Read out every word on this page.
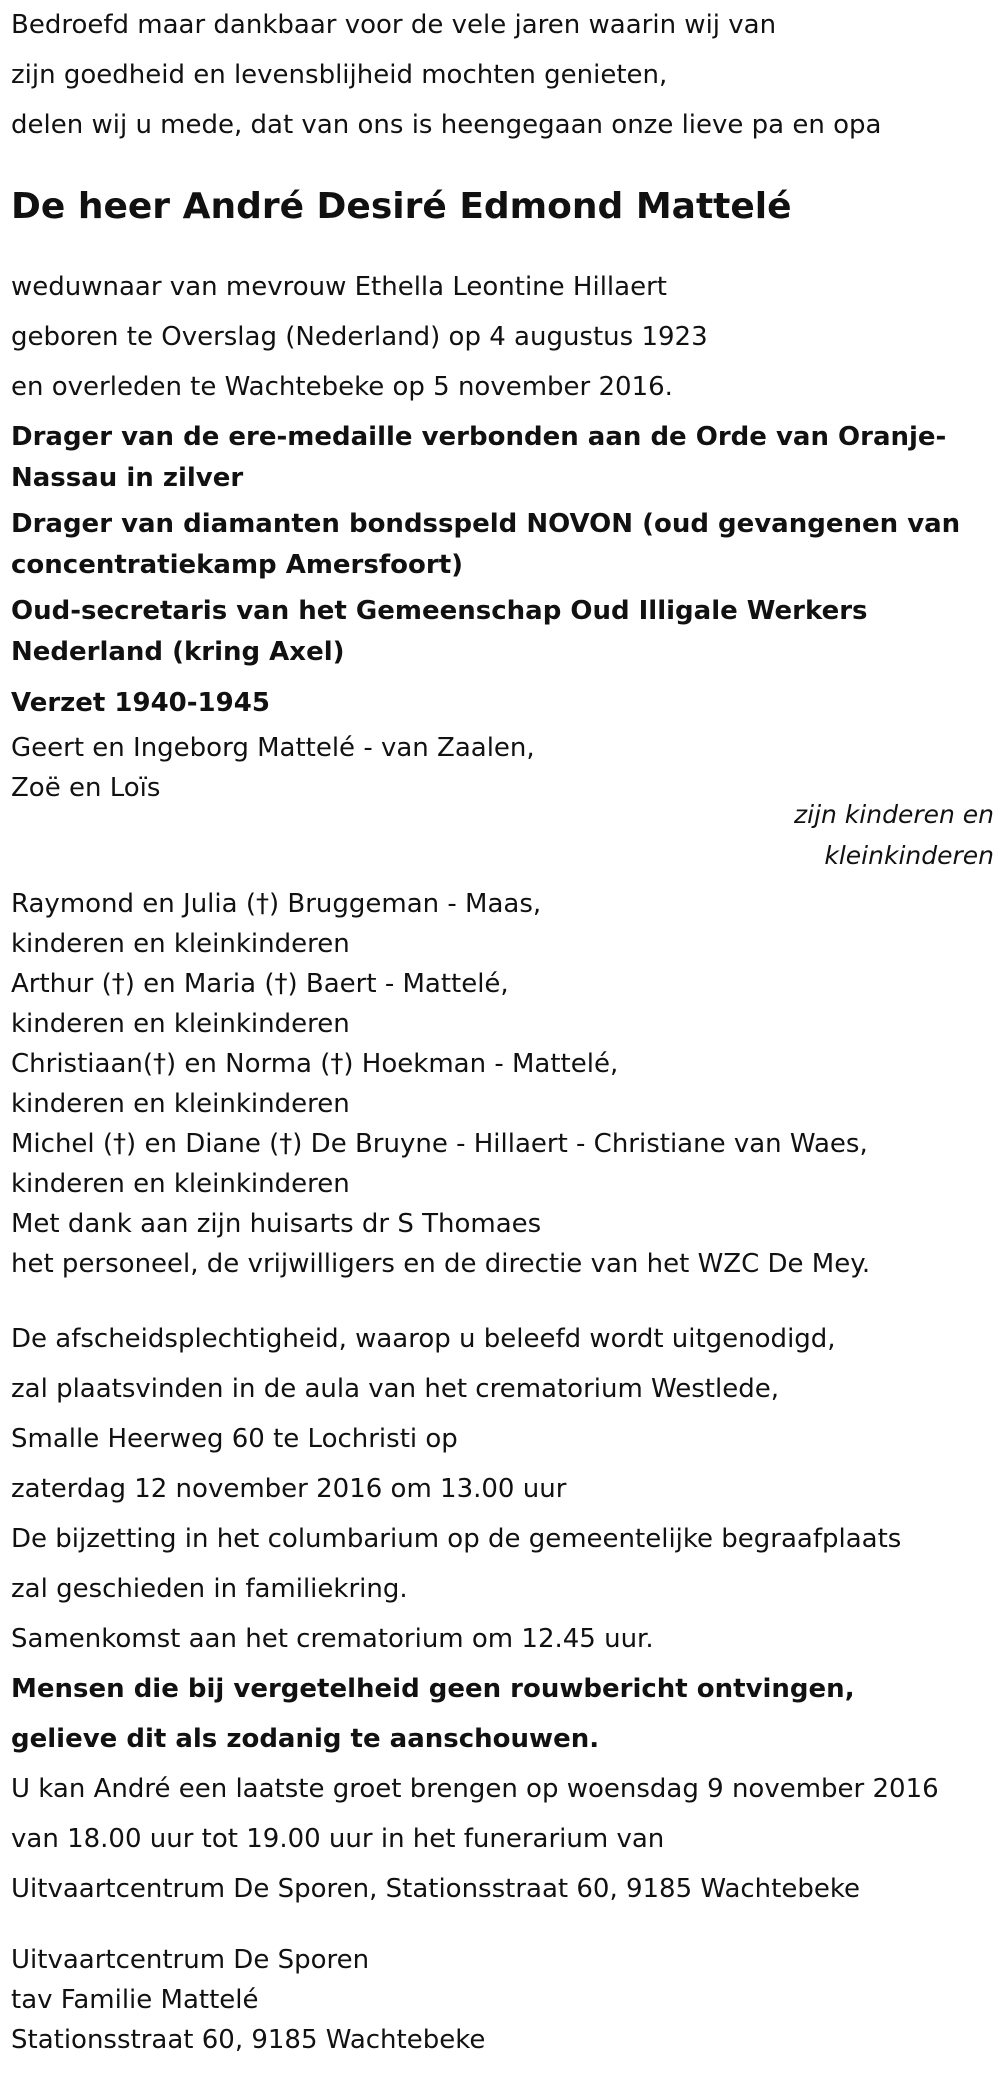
Bedroefd maar dankbaar voor de vele jaren waarin wij van
zijn goedheid en levensblijheid mochten genieten,
delen wij u mede, dat van ons is heengegaan onze lieve pa en opa
De heer André Desiré Edmond Mattelé
weduwnaar van mevrouw Ethella Leontine Hillaert
geboren te Overslag (Nederland) op 4 augustus 1923
en overleden te Wachtebeke op 5 november 2016.
Drager van de ere-medaille verbonden aan de Orde van Oranje-Nassau in zilver
Drager van diamanten bondsspeld NOVON (oud gevangenen van concentratiekamp Amersfoort)
Oud-secretaris van het Gemeenschap Oud Illigale Werkers Nederland (kring Axel)
Verzet 1940-1945
Geert en Ingeborg Mattelé - van Zaalen,
Zoë en Loïs
zijn kinderen en
kleinkinderen
Raymond en Julia (†) Bruggeman - Maas,
kinderen en kleinkinderen
Arthur (†) en Maria (†) Baert - Mattelé,
kinderen en kleinkinderen
Christiaan(†) en Norma (†) Hoekman - Mattelé,
kinderen en kleinkinderen
Michel (†) en Diane (†) De Bruyne - Hillaert - Christiane van Waes,
kinderen en kleinkinderen
Met dank aan zijn huisarts dr S Thomaes
het personeel, de vrijwilligers en de directie van het WZC De Mey.
De afscheidsplechtigheid, waarop u beleefd wordt uitgenodigd,
zal plaatsvinden in de aula van het crematorium Westlede,
Smalle Heerweg 60 te Lochristi op
zaterdag 12 november 2016 om 13.00 uur
De bijzetting in het columbarium op de gemeentelijke begraafplaats
zal geschieden in familiekring.
Samenkomst aan het crematorium om 12.45 uur.
Mensen die bij vergetelheid geen rouwbericht ontvingen,
gelieve dit als zodanig te aanschouwen.
U kan André een laatste groet brengen op woensdag 9 november 2016
van 18.00 uur tot 19.00 uur in het funerarium van
Uitvaartcentrum De Sporen, Stationsstraat 60, 9185 Wachtebeke
Uitvaartcentrum De Sporen
tav Familie Mattelé
Stationsstraat 60, 9185 Wachtebeke
